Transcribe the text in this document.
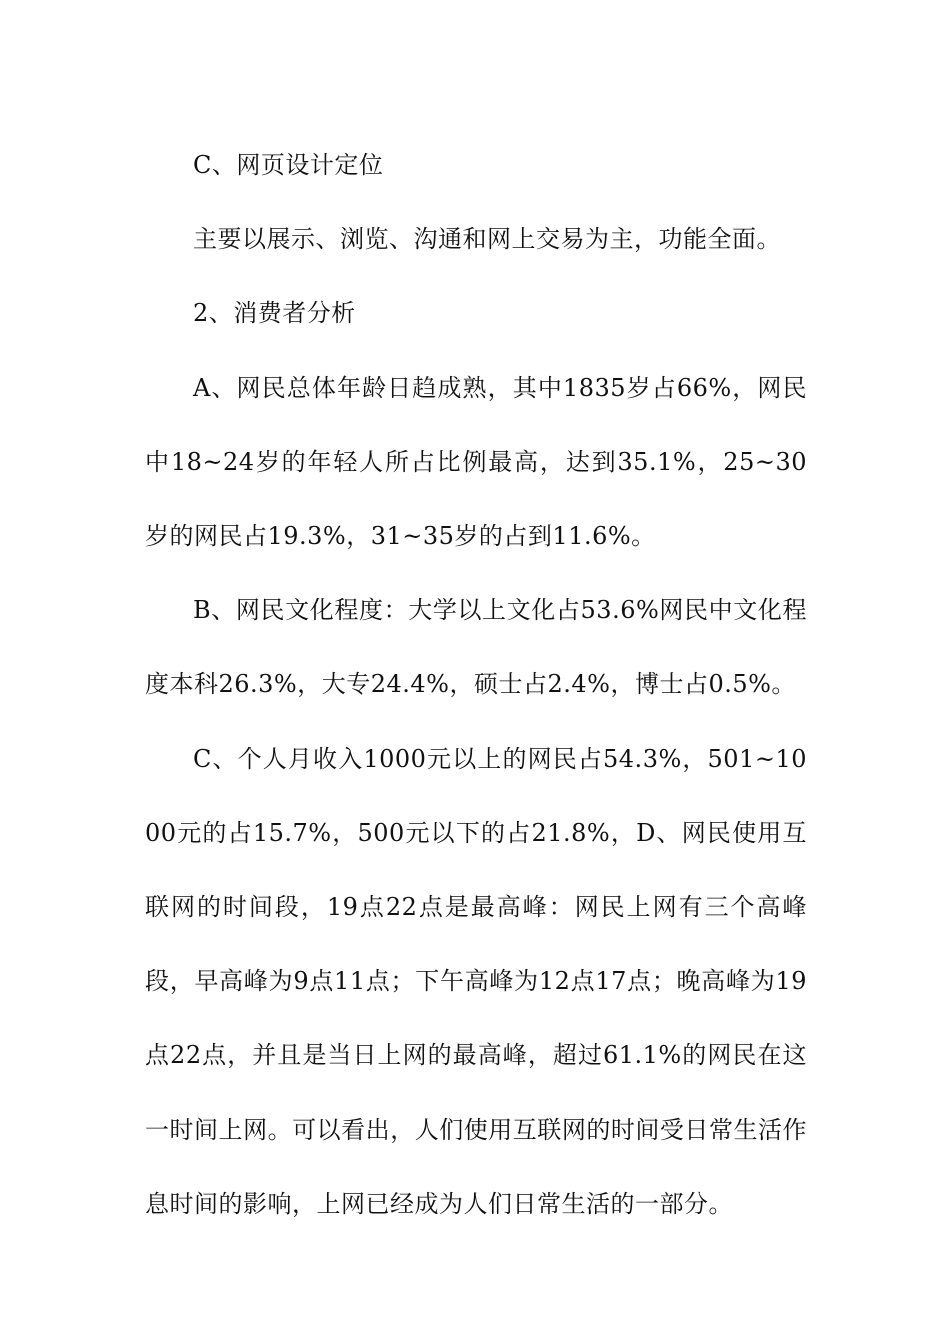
C、网页设计定位

主要以展示、浏览、沟通和网上交易为主，功能全面。

2、消费者分析

A、网民总体年龄日趋成熟，其中1835岁占66%，网民中18~24岁的年轻人所占比例最高，达到35.1%，25~30岁的网民占19.3%，31~35岁的占到11.6%。

B、网民文化程度：大学以上文化占53.6%网民中文化程度本科26.3%，大专24.4%，硕士占2.4%，博士占0.5%。

C、个人月收入1000元以上的网民占54.3%，501~1000元的占15.7%，500元以下的占21.8%，D、网民使用互联网的时间段，19点22点是最高峰：网民上网有三个高峰段，早高峰为9点11点；下午高峰为12点17点；晚高峰为19点22点，并且是当日上网的最高峰，超过61.1%的网民在这一时间上网。可以看出，人们使用互联网的时间受日常生活作息时间的影响，上网已经成为人们日常生活的一部分。
